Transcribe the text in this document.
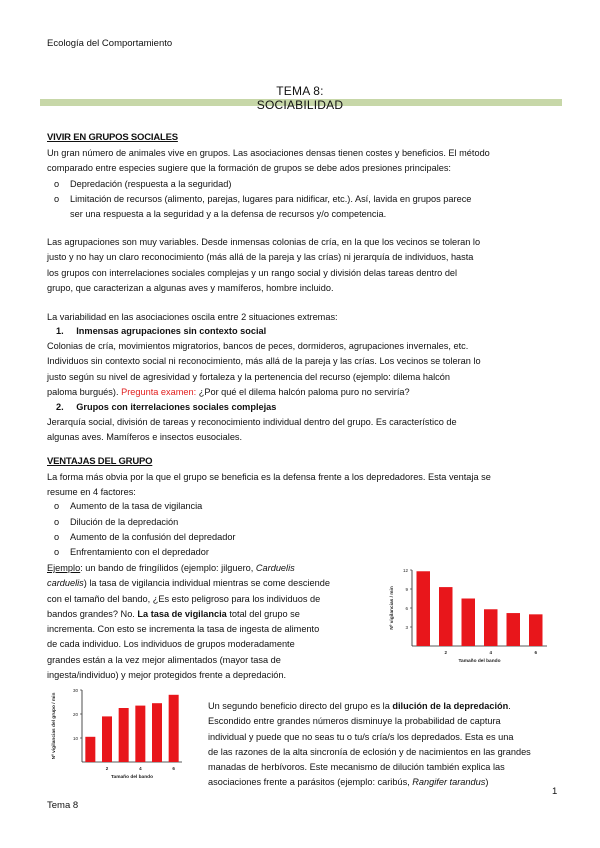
Ecología del Comportamiento
TEMA 8:
SOCIABILIDAD
VIVIR EN GRUPOS SOCIALES
Un gran número de animales vive en grupos. Las asociaciones densas tienen costes y beneficios. El método
comparado entre especies sugiere que la formación de grupos se debe ados presiones principales:
o Depredación (respuesta a la seguridad)
o Limitación de recursos (alimento, parejas, lugares para nidificar, etc.). Así, lavida en grupos parece
ser una respuesta a la seguridad y a la defensa de recursos y/o competencia.
Las agrupaciones son muy variables. Desde inmensas colonias de cría, en la que los vecinos se toleran lo
justo y no hay un claro reconocimiento (más allá de la pareja y las crías) ni jerarquía de individuos, hasta
los grupos con interrelaciones sociales complejas y un rango social y división delas tareas dentro del
grupo, que caracterizan a algunas aves y mamíferos, hombre incluido.
La variabilidad en las asociaciones oscila entre 2 situaciones extremas:
1. Inmensas agrupaciones sin contexto social
Colonias de cría, movimientos migratorios, bancos de peces, dormideros, agrupaciones invernales, etc.
Individuos sin contexto social ni reconocimiento, más allá de la pareja y las crías. Los vecinos se toleran lo
justo según su nivel de agresividad y fortaleza y la pertenencia del recurso (ejemplo: dilema halcón
paloma burgués). Pregunta examen: ¿Por qué el dilema halcón paloma puro no serviría?
2. Grupos con iterrelaciones sociales complejas
Jerarquía social, división de tareas y reconocimiento individual dentro del grupo. Es característico de
algunas aves. Mamíferos e insectos eusociales.
VENTAJAS DEL GRUPO
La forma más obvia por la que el grupo se beneficia es la defensa frente a los depredadores. Esta ventaja se
resume en 4 factores:
o Aumento de la tasa de vigilancia
o Dilución de la depredación
o Aumento de la confusión del depredador
o Enfrentamiento con el depredador
Ejemplo: un bando de fringílidos (ejemplo: jilguero, Carduelis
carduelis) la tasa de vigilancia individual mientras se come desciende
con el tamaño del bando, ¿Es esto peligroso para los individuos de
bandos grandes? No. La tasa de vigilancia total del grupo se
incrementa. Con esto se incrementa la tasa de ingesta de alimento
de cada individuo. Los individuos de grupos moderadamente
grandes están a la vez mejor alimentados (mayor tasa de
ingesta/individuo) y mejor protegidos frente a depredación.
3
6
9
12
2	4	6
Tamaño del bando
Nº vigilancias / min
10
20
30
2	4	6
Tamaño del bando
Nº vigilancias del grupo / min	Un segundo beneficio directo del grupo es la dilución de la depredación.
Escondido entre grandes números disminuye la probabilidad de captura
individual y puede que no seas tu o tu/s cría/s los depredados. Esta es una
de las razones de la alta sincronía de eclosión y de nacimientos en las grandes
manadas de herbívoros. Este mecanismo de dilución también explica las
asociaciones frente a parásitos (ejemplo: caribús, Rangifer tarandus)
1
Tema 8
